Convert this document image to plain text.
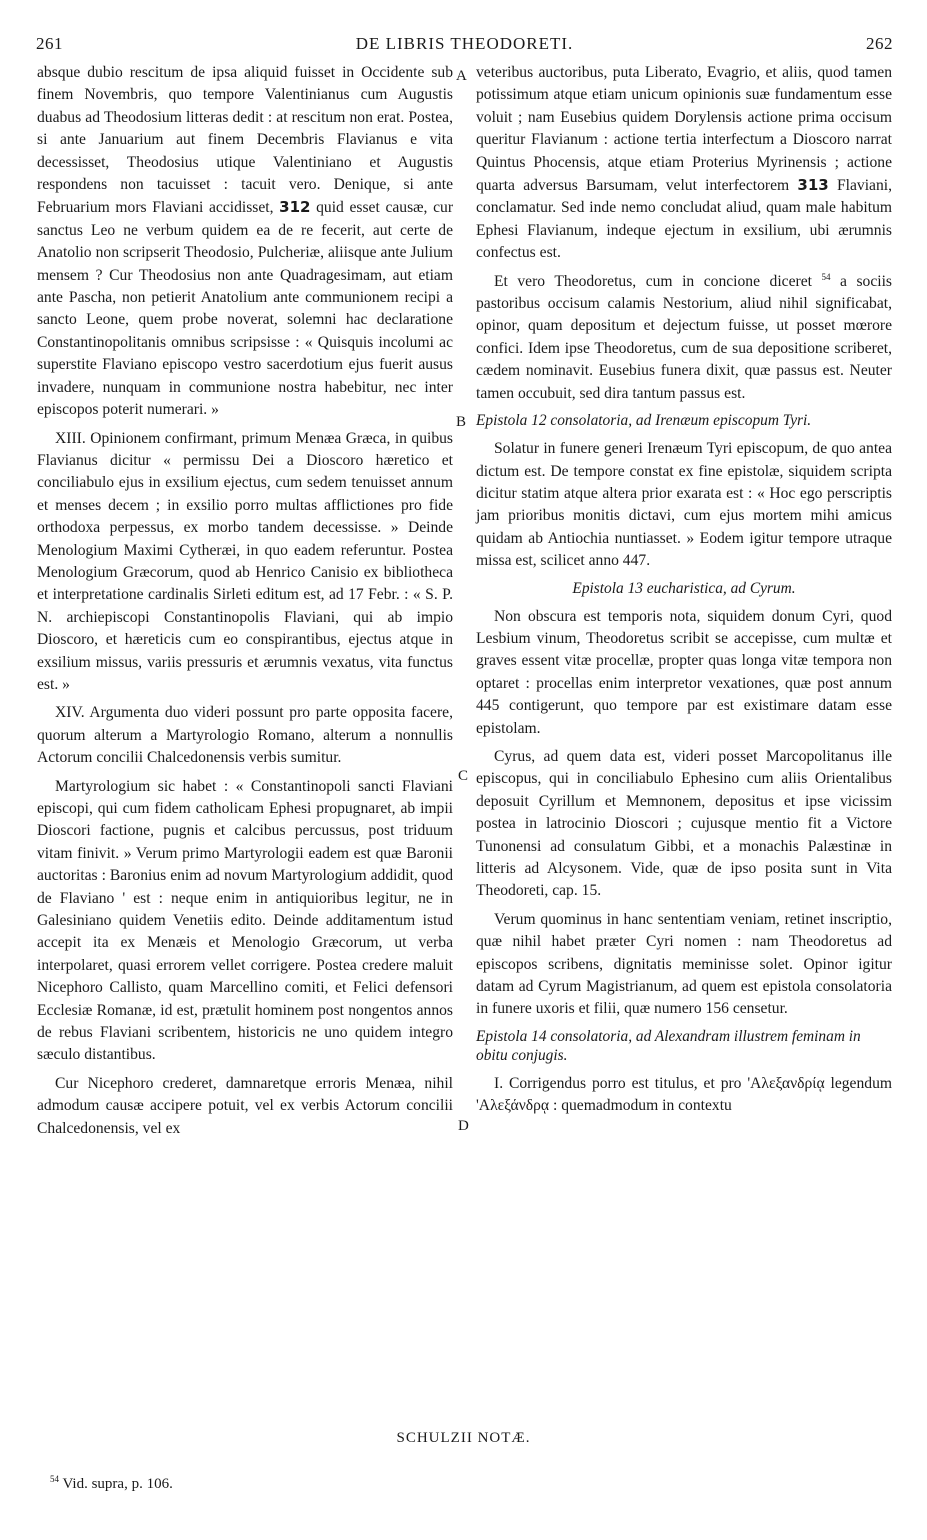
261	DE LIBRIS THEODORETI.	262
A
B
C
D

absque dubio rescitum de ipsa aliquid fuisset in Occidente sub finem Novembris, quo tempore Valentinianus cum Augustis duabus ad Theodosium litteras dedit : at rescitum non erat. Postea, si ante Januarium aut finem Decembris Flavianus e vita decessisset, Theodosius utique Valentiniano et Augustis respondens non tacuisset : tacuit vero. Denique, si ante Februarium mors Flaviani accidisset, 312 quid esset causæ, cur sanctus Leo ne verbum quidem ea de re fecerit, aut certe de Anatolio non scripserit Theodosio, Pulcheriæ, aliisque ante Julium mensem ? Cur Theodosius non ante Quadragesimam, aut etiam ante Pascha, non petierit Anatolium ante communionem recipi a sancto Leone, quem probe noverat, solemni hac declaratione Constantinopolitanis omnibus scripsisse : « Quisquis incolumi ac superstite Flaviano episcopo vestro sacerdotium ejus fuerit ausus invadere, nunquam in communione nostra habebitur, nec inter episcopos poterit numerari. »

XIII. Opinionem confirmant, primum Menæa Græca, in quibus Flavianus dicitur « permissu Dei a Dioscoro hæretico et conciliabulo ejus in exsilium ejectus, cum sedem tenuisset annum et menses decem ; in exsilio porro multas afflictiones pro fide orthodoxa perpessus, ex morbo tandem decessisse. » Deinde Menologium Maximi Cytheræi, in quo eadem referuntur. Postea Menologium Græcorum, quod ab Henrico Canisio ex bibliotheca et interpretatione cardinalis Sirleti editum est, ad 17 Febr. : « S. P. N. archiepiscopi Constantinopolis Flaviani, qui ab impio Dioscoro, et hæreticis cum eo conspirantibus, ejectus atque in exsilium missus, variis pressuris et ærumnis vexatus, vita functus est. »

XIV. Argumenta duo videri possunt pro parte opposita facere, quorum alterum a Martyrologio Romano, alterum a nonnullis Actorum concilii Chalcedonensis verbis sumitur.

Martyrologium sic habet : « Constantinopoli sancti Flaviani episcopi, qui cum fidem catholicam Ephesi propugnaret, ab impii Dioscori factione, pugnis et calcibus percussus, post triduum vitam finivit. » Verum primo Martyrologii eadem est quæ Baronii auctoritas : Baronius enim ad novum Martyrologium addidit, quod de Flaviano ' est : neque enim in antiquioribus legitur, ne in Galesiniano quidem Venetiis edito. Deinde additamentum istud accepit ita ex Menæis et Menologio Græcorum, ut verba interpolaret, quasi errorem vellet corrigere. Postea credere maluit Nicephoro Callisto, quam Marcellino comiti, et Felici defensori Ecclesiæ Romanæ, id est, prætulit hominem post nongentos annos de rebus Flaviani scribentem, historicis ne uno quidem integro sæculo distantibus.

Cur Nicephoro crederet, damnaretque erroris Menæa, nihil admodum causæ accipere potuit, vel ex verbis Actorum concilii Chalcedonensis, vel ex

veteribus auctoribus, puta Liberato, Evagrio, et aliis, quod tamen potissimum atque etiam unicum opinionis suæ fundamentum esse voluit ; nam Eusebius quidem Dorylensis actione prima occisum queritur Flavianum : actione tertia interfectum a Dioscoro narrat Quintus Phocensis, atque etiam Proterius Myrinensis ; actione quarta adversus Barsumam, velut interfectorem 313 Flaviani, conclamatur. Sed inde nemo concludat aliud, quam male habitum Ephesi Flavianum, indeque ejectum in exsilium, ubi ærumnis confectus est.

Et vero Theodoretus, cum in concione diceret $^{54}$ a sociis pastoribus occisum calamis Nestorium, aliud nihil significabat, opinor, quam depositum et dejectum fuisse, ut posset mœrore confici. Idem ipse Theodoretus, cum de sua depositione scriberet, cædem nominavit. Eusebius funera dixit, quæ passus est. Neuter tamen occubuit, sed dira tantum passus est.

Epistola 12 consolatoria, ad Irenæum episcopum Tyri.

Solatur in funere generi Irenæum Tyri episcopum, de quo antea dictum est. De tempore constat ex fine epistolæ, siquidem scripta dicitur statim atque altera prior exarata est : « Hoc ego perscriptis jam prioribus monitis dictavi, cum ejus mortem mihi amicus quidam ab Antiochia nuntiasset. » Eodem igitur tempore utraque missa est, scilicet anno 447.

Epistola 13 eucharistica, ad Cyrum.

Non obscura est temporis nota, siquidem donum Cyri, quod Lesbium vinum, Theodoretus scribit se accepisse, cum multæ et graves essent vitæ procellæ, propter quas longa vitæ tempora non optaret : procellas enim interpretor vexationes, quæ post annum 445 contigerunt, quo tempore par est existimare datam esse epistolam.

Cyrus, ad quem data est, videri posset Marcopolitanus ille episcopus, qui in conciliabulo Ephesino cum aliis Orientalibus deposuit Cyrillum et Memnonem, depositus et ipse vicissim postea in latrocinio Dioscori ; cujusque mentio fit a Victore Tunonensi ad consulatum Gibbi, et a monachis Palæstinæ in litteris ad Alcysonem. Vide, quæ de ipso posita sunt in Vita Theodoreti, cap. 15.

Verum quominus in hanc sententiam veniam, retinet inscriptio, quæ nihil habet præter Cyri nomen : nam Theodoretus ad episcopos scribens, dignitatis meminisse solet. Opinor igitur datam ad Cyrum Magistrianum, ad quem est epistola consolatoria in funere uxoris et filii, quæ numero 156 censetur.

Epistola 14 consolatoria, ad Alexandram illustrem feminam in obitu conjugis.

I. Corrigendus porro est titulus, et pro 'Αλεξανδρίᾳ legendum 'Αλεξάνδρᾳ : quemadmodum in contextu

SCHULZII NOTÆ.
$^{54}$ Vid. supra, p. 106.
